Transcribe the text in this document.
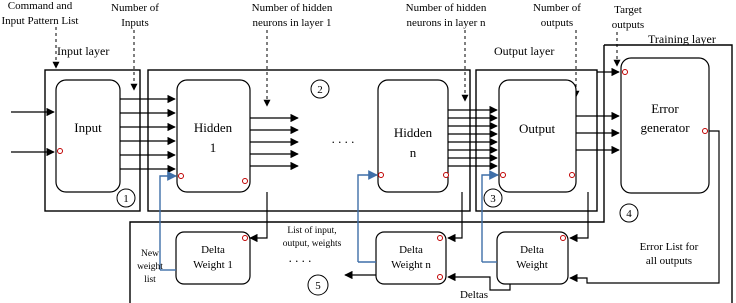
Command and
Input Pattern List
Number of
Inputs
Number of hidden
neurons in layer 1
Number of hidden
neurons in layer n
Number of
outputs
Target
outputs
Input layer	Output layer
Training layer
Input	Hidden
1
. . . .	Hidden
n
Output
Error
generator
Delta
Weight 1
Delta
Weight n
Delta
Weight
. . . .
List of input,
output, weights
New
weight
list
Error List for
all outputs
Deltas
1
2
3
4
5
